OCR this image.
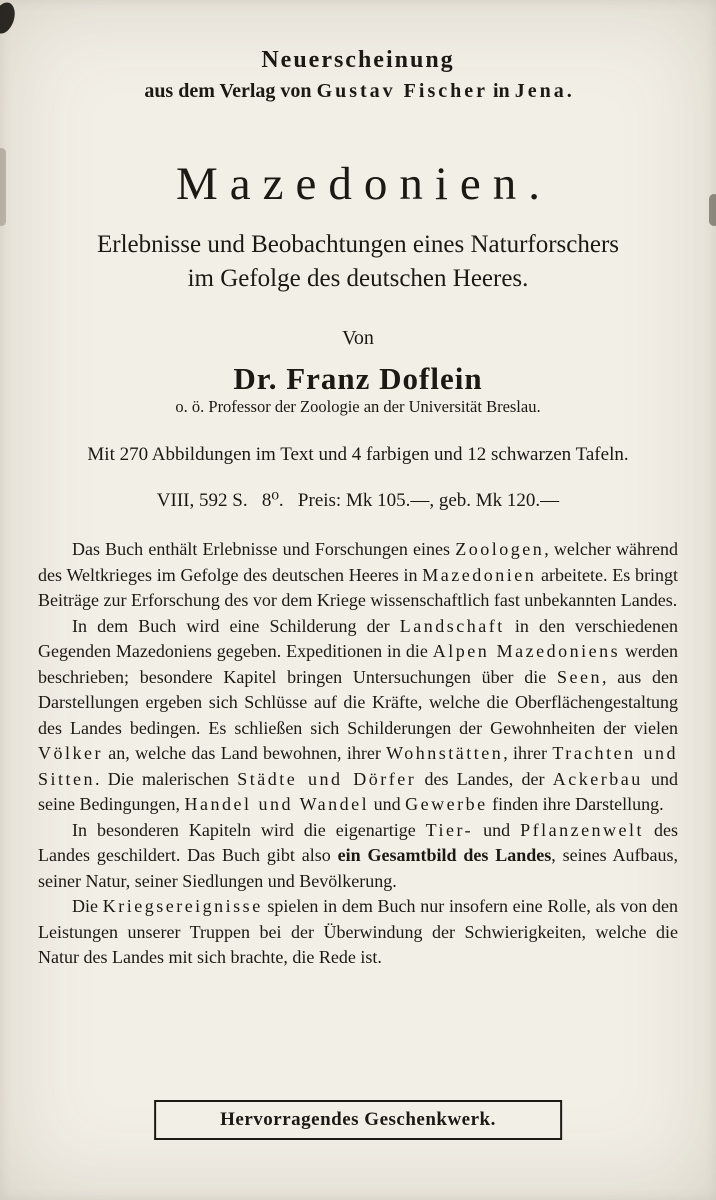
Neuerscheinung
aus dem Verlag von Gustav Fischer in Jena.
Mazedonien.
Erlebnisse und Beobachtungen eines Naturforschers
im Gefolge des deutschen Heeres.
Von
Dr. Franz Doflein
o. ö. Professor der Zoologie an der Universität Breslau.
Mit 270 Abbildungen im Text und 4 farbigen und 12 schwarzen Tafeln.
VIII, 592 S.   8⁰.   Preis: Mk 105.—, geb. Mk 120.—

Das Buch enthält Erlebnisse und Forschungen eines Zoologen, welcher während des Weltkrieges im Gefolge des deutschen Heeres in Mazedonien arbeitete. Es bringt Beiträge zur Erforschung des vor dem Kriege wissenschaftlich fast unbekannten Landes.

In dem Buch wird eine Schilderung der Landschaft in den verschiedenen Gegenden Mazedoniens gegeben. Expeditionen in die Alpen Mazedoniens werden beschrieben; besondere Kapitel bringen Untersuchungen über die Seen, aus den Darstellungen ergeben sich Schlüsse auf die Kräfte, welche die Oberflächengestaltung des Landes bedingen. Es schließen sich Schilderungen der Gewohnheiten der vielen Völker an, welche das Land bewohnen, ihrer Wohnstätten, ihrer Trachten und Sitten. Die malerischen Städte und Dörfer des Landes, der Ackerbau und seine Bedingungen, Handel und Wandel und Gewerbe finden ihre Darstellung.

In besonderen Kapiteln wird die eigenartige Tier- und Pflanzenwelt des Landes geschildert. Das Buch gibt also ein Gesamtbild des Landes, seines Aufbaus, seiner Natur, seiner Siedlungen und Bevölkerung.

Die Kriegsereignisse spielen in dem Buch nur insofern eine Rolle, als von den Leistungen unserer Truppen bei der Überwindung der Schwierigkeiten, welche die Natur des Landes mit sich brachte, die Rede ist.

Hervorragendes Geschenkwerk.
